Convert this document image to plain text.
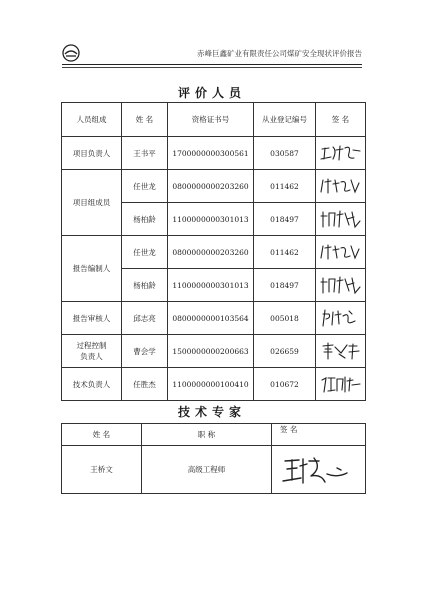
赤峰巨鑫矿业有限责任公司煤矿安全现状评价报告
评价人员
人员组成	姓 名	资格证书号	从业登记编号	签 名
项目负责人	王书平	1700000000300561	030587	

项目组成员	任世龙	0800000000203260	011462	

	杨柏龄	1100000000301013	018497	

报告编制人	任世龙	0800000000203260	011462	

	杨柏龄	1100000000301013	018497	

报告审核人	邱志亮	0800000000103564	005018	

过程控制
负责人	曹会学	1500000000200663	026659	

技术负责人	任胜杰	1100000000100410	010672	
技术专家
姓 名	职 称	签 名
王桥文	高级工程师	
